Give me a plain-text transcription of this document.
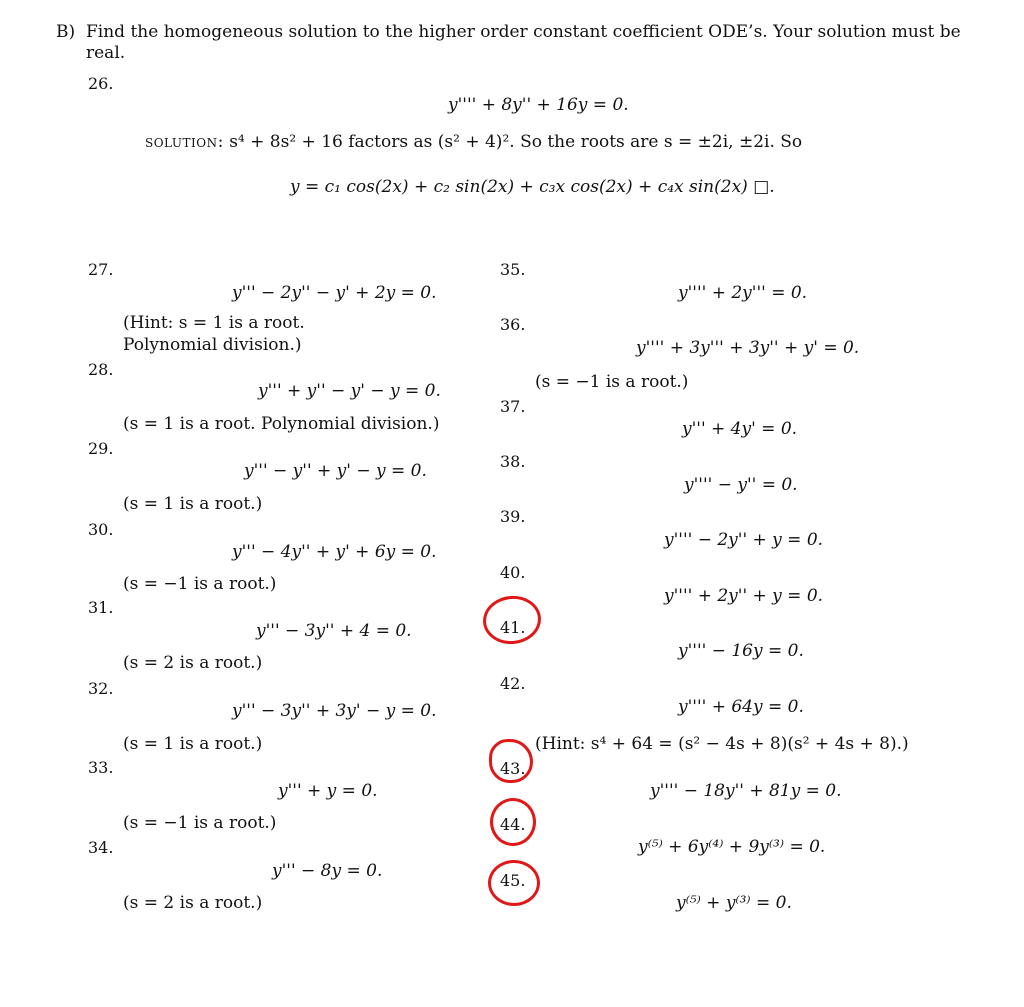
B) Find the homogeneous solution to the higher order constant coefficient ODE’s. Your solution must be
real.
26.
y'''' + 8y'' + 16y = 0.
solution: s⁴ + 8s² + 16 factors as (s² + 4)². So the roots are s = ±2i, ±2i. So
y = c₁ cos(2x) + c₂ sin(2x) + c₃x cos(2x) + c₄x sin(2x) □.
27.
y''' − 2y'' − y' + 2y = 0.
(Hint: s = 1 is a root.
Polynomial division.)
28.
y''' + y'' − y' − y = 0.
(s = 1 is a root. Polynomial division.)
29.
y''' − y'' + y' − y = 0.
(s = 1 is a root.)
30.
y''' − 4y'' + y' + 6y = 0.
(s = −1 is a root.)
31.
y''' − 3y'' + 4 = 0.
(s = 2 is a root.)
32.
y''' − 3y'' + 3y' − y = 0.
(s = 1 is a root.)
33.
y''' + y = 0.
(s = −1 is a root.)
34.
y''' − 8y = 0.
(s = 2 is a root.)
35.
y'''' + 2y''' = 0.
36.
y'''' + 3y''' + 3y'' + y' = 0.
(s = −1 is a root.)
37.
y''' + 4y' = 0.
38.
y'''' − y'' = 0.
39.
y'''' − 2y'' + y = 0.
40.
y'''' + 2y'' + y = 0.
41.
y'''' − 16y = 0.
42.
y'''' + 64y = 0.
(Hint: s⁴ + 64 = (s² − 4s + 8)(s² + 4s + 8).)
43.
y'''' − 18y'' + 81y = 0.
44.
y⁽⁵⁾ + 6y⁽⁴⁾ + 9y⁽³⁾ = 0.
45.
y⁽⁵⁾ + y⁽³⁾ = 0.
